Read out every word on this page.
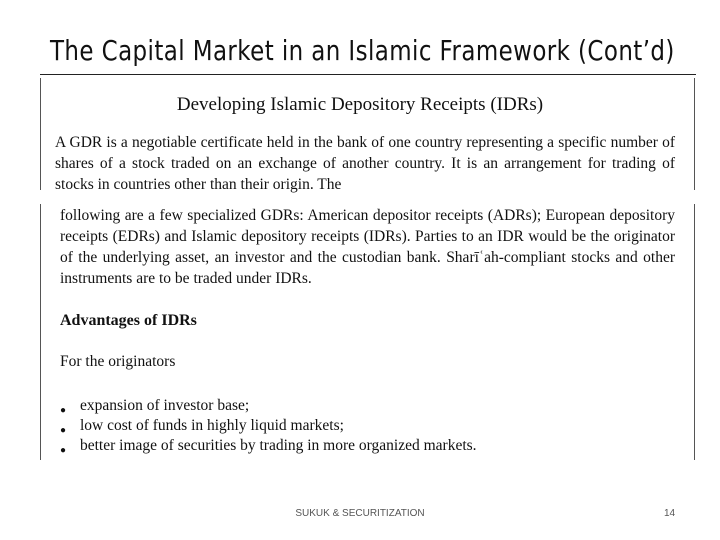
The Capital Market in an Islamic Framework (Cont’d)
Developing Islamic Depository Receipts (IDRs)

A GDR is a negotiable certificate held in the bank of one country representing a specific number of shares of a stock traded on an exchange of another country. It is an arrangement for trading of stocks in countries other than their origin. The

following are a few specialized GDRs: American depositor receipts (ADRs); European depository receipts (EDRs) and Islamic depository receipts (IDRs). Parties to an IDR would be the originator of the underlying asset, an investor and the custodian bank. Sharīʿah-compliant stocks and other instruments are to be traded under IDRs.

Advantages of IDRs

For the originators

● expansion of investor base;
● low cost of funds in highly liquid markets;
● better image of securities by trading in more organized markets.
SUKUK & SECURITIZATION	14
